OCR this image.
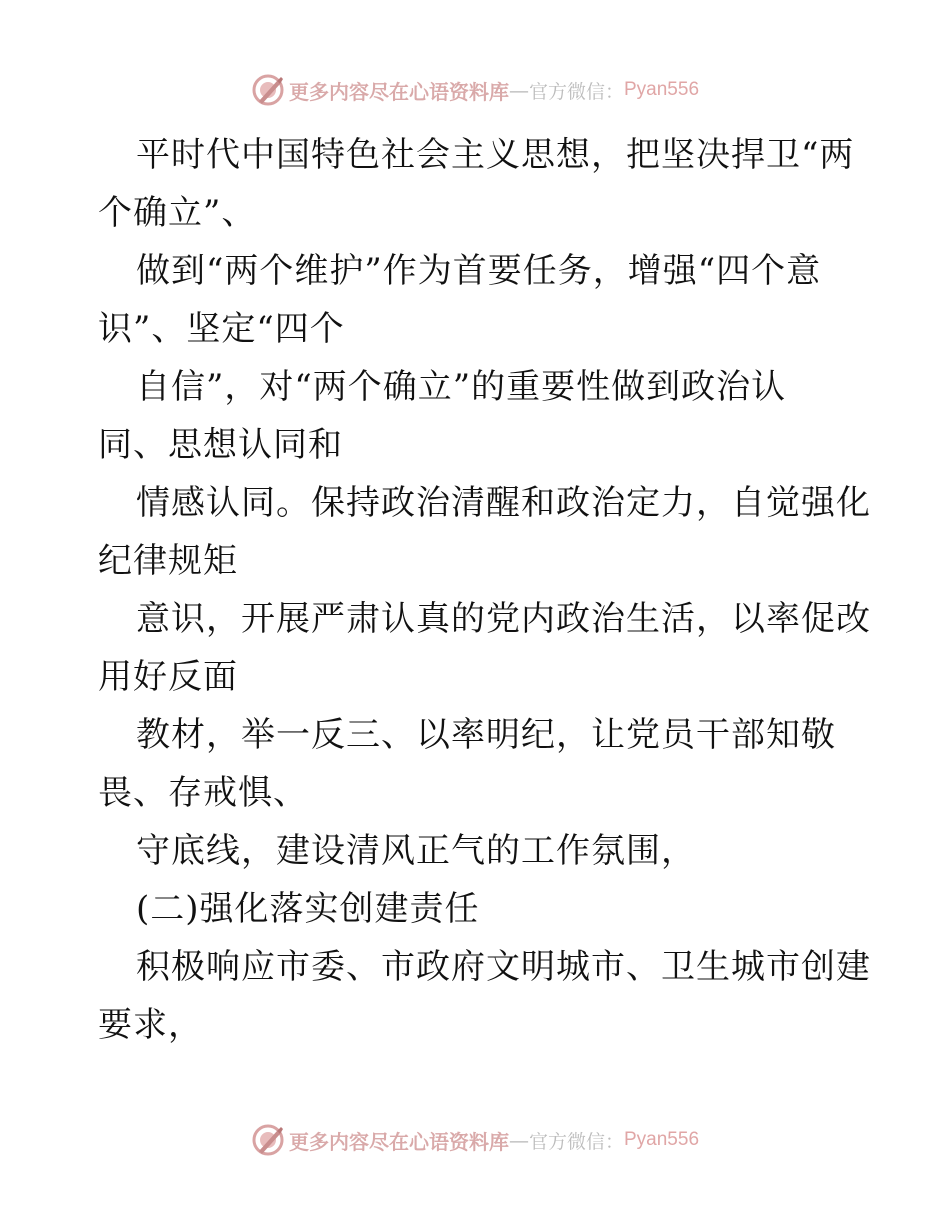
更多内容尽在心语资料库 — 官方微信： Pyan556
平时代中国特色社会主义思想，把坚决捍卫“两
个确立”、
做到“两个维护”作为首要任务，增强“四个意
识”、坚定“四个
自信”，对“两个确立”的重要性做到政治认
同、思想认同和
情感认同。保持政治清醒和政治定力，自觉强化
纪律规矩
意识，开展严肃认真的党内政治生活，以率促改
用好反面
教材，举一反三、以率明纪，让党员干部知敬
畏、存戒惧、
守底线，建设清风正气的工作氛围，
(二)强化落实创建责任
积极响应市委、市政府文明城市、卫生城市创建
要求，
更多内容尽在心语资料库 — 官方微信： Pyan556
